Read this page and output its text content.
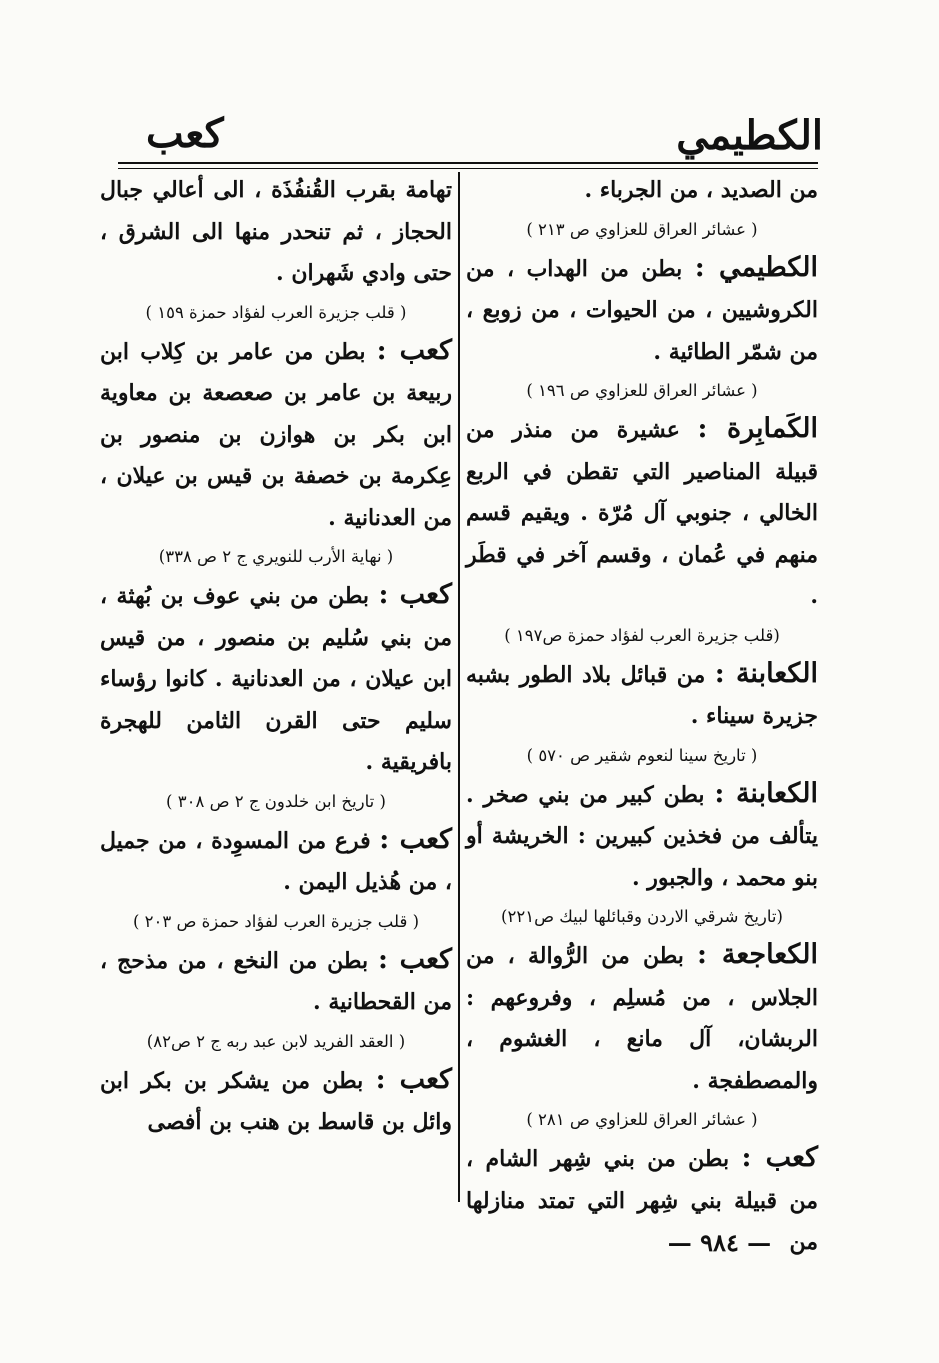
الكطيمي
كعب

من الصديد ، من الجرباء .

( عشائر العراق للعزاوي ص ٢١٣ )

الكطيمي : بطن من الهداب ، من الكروشيين ، من الحيوات ، من زوبع ، من شمّر الطائية .

( عشائر العراق للعزاوي ص ١٩٦ )

الكَمابِرة : عشيرة من منذر من قبيلة المناصير التي تقطن في الربع الخالي ، جنوبي آل مُرّة . ويقيم قسم منهم في عُمان ، وقسم آخر في قطَر .

(قلب جزيرة العرب لفؤاد حمزة ص١٩٧ )

الكعابنة : من قبائل بلاد الطور بشبه جزيرة سيناء .

( تاريخ سينا لنعوم شقير ص ٥٧٠ )

الكعابنة : بطن كبير من بني صخر . يتألف من فخذين كبيرين : الخريشة أو بنو محمد ، والجبور .

(تاريخ شرقي الاردن وقبائلها لبيك ص٢٢١)

الكعاجعة : بطن من الرُّوالة ، من الجلاس ، من مُسلِم ، وفروعهم : الربشان، آل مانع ، الغشوم ، والمصطفجة .

( عشائر العراق للعزاوي ص ٢٨١ )

كعب : بطن من بني شِهر الشام ، من قبيلة بني شِهر التي تمتد منازلها من

تهامة بقرب القُنفُذَة ، الى أعالي جبال الحجاز ، ثم تنحدر منها الى الشرق ، حتى وادي شَهران .

( قلب جزيرة العرب لفؤاد حمزة ١٥٩ )

كعب : بطن من عامر بن كِلاب ابن ربيعة بن عامر بن صعصعة بن معاوية ابن بكر بن هوازن بن منصور بن عِكرمة بن خصفة بن قيس بن عيلان ، من العدنانية .

( نهاية الأرب للنويري ج ٢ ص ٣٣٨)

كعب : بطن من بني عوف بن بُهثة ، من بني سُليم بن منصور ، من قيس ابن عيلان ، من العدنانية . كانوا رؤساء سليم حتى القرن الثامن للهجرة بافريقية .

( تاريخ ابن خلدون ج ٢ ص ٣٠٨ )

كعب : فرع من المسوِدة ، من جميل ، من هُذيل اليمن .

( قلب جزيرة العرب لفؤاد حمزة ص ٢٠٣ )

كعب : بطن من النخع ، من مذحج ، من القحطانية .

( العقد الفريد لابن عبد ربه ج ٢ ص٨٢)

كعب : بطن من يشكر بن بكر ابن وائل بن قاسط بن هنب بن أفصى

— ٩٨٤ —
